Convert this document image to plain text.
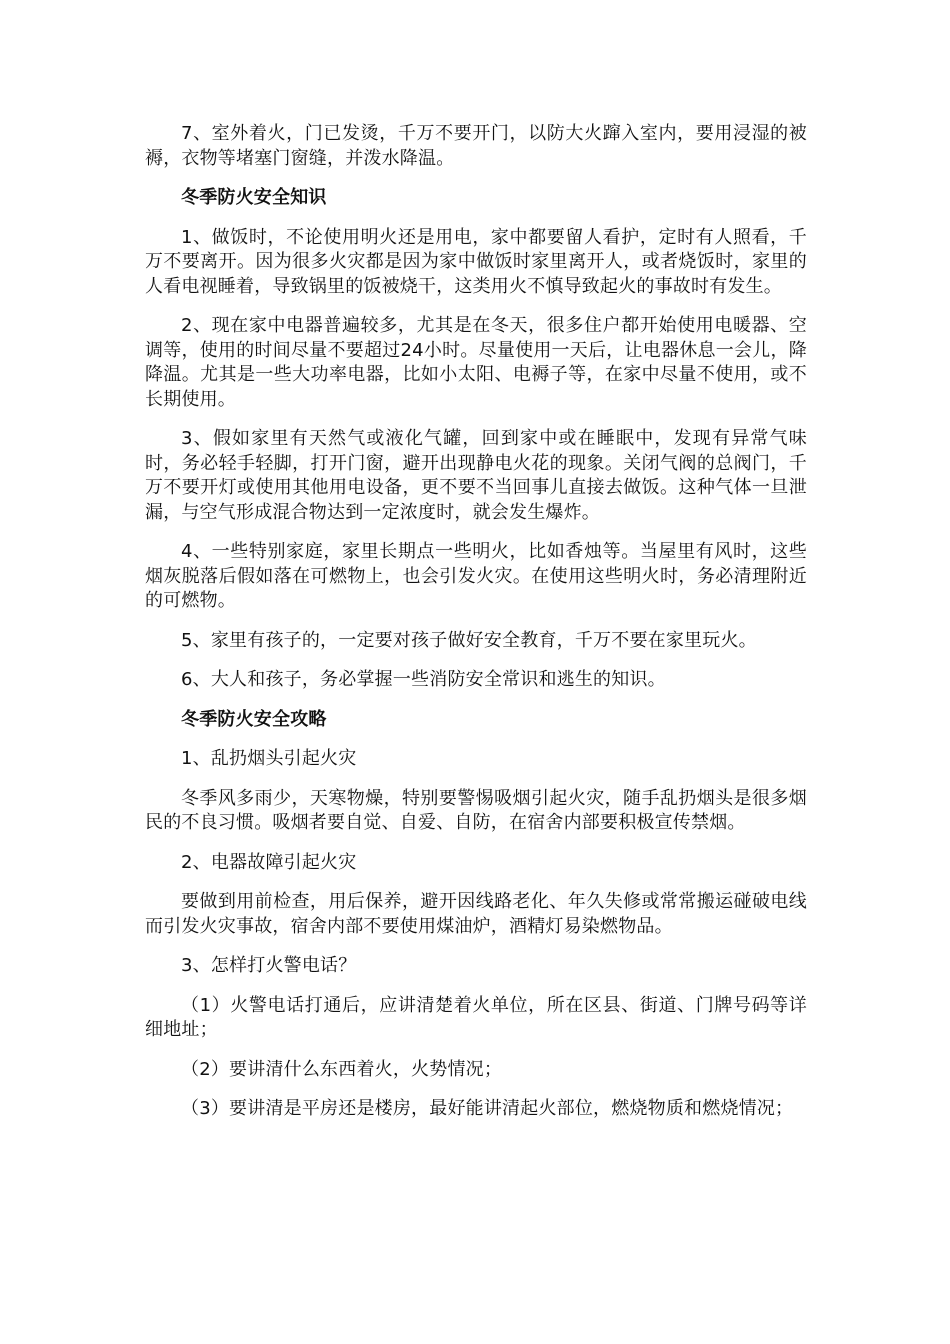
7、室外着火，门已发烫，千万不要开门，以防大火蹿入室内，要用浸湿的被褥，衣物等堵塞门窗缝，并泼水降温。

冬季防火安全知识

1、做饭时，不论使用明火还是用电，家中都要留人看护，定时有人照看，千万不要离开。因为很多火灾都是因为家中做饭时家里离开人，或者烧饭时，家里的人看电视睡着，导致锅里的饭被烧干，这类用火不慎导致起火的事故时有发生。

2、现在家中电器普遍较多，尤其是在冬天，很多住户都开始使用电暖器、空调等，使用的时间尽量不要超过24小时。尽量使用一天后，让电器休息一会儿，降降温。尤其是一些大功率电器，比如小太阳、电褥子等，在家中尽量不使用，或不长期使用。

3、假如家里有天然气或液化气罐，回到家中或在睡眠中，发现有异常气味时，务必轻手轻脚，打开门窗，避开出现静电火花的现象。关闭气阀的总阀门，千万不要开灯或使用其他用电设备，更不要不当回事儿直接去做饭。这种气体一旦泄漏，与空气形成混合物达到一定浓度时，就会发生爆炸。

4、一些特别家庭，家里长期点一些明火，比如香烛等。当屋里有风时，这些烟灰脱落后假如落在可燃物上，也会引发火灾。在使用这些明火时，务必清理附近的可燃物。

5、家里有孩子的，一定要对孩子做好安全教育，千万不要在家里玩火。

6、大人和孩子，务必掌握一些消防安全常识和逃生的知识。

冬季防火安全攻略

1、乱扔烟头引起火灾

冬季风多雨少，天寒物燥，特别要警惕吸烟引起火灾，随手乱扔烟头是很多烟民的不良习惯。吸烟者要自觉、自爱、自防，在宿舍内部要积极宣传禁烟。

2、电器故障引起火灾

要做到用前检查，用后保养，避开因线路老化、年久失修或常常搬运碰破电线而引发火灾事故，宿舍内部不要使用煤油炉，酒精灯易染燃物品。

3、怎样打火警电话？

（1）火警电话打通后，应讲清楚着火单位，所在区县、街道、门牌号码等详细地址；

（2）要讲清什么东西着火，火势情况；

（3）要讲清是平房还是楼房，最好能讲清起火部位，燃烧物质和燃烧情况；
